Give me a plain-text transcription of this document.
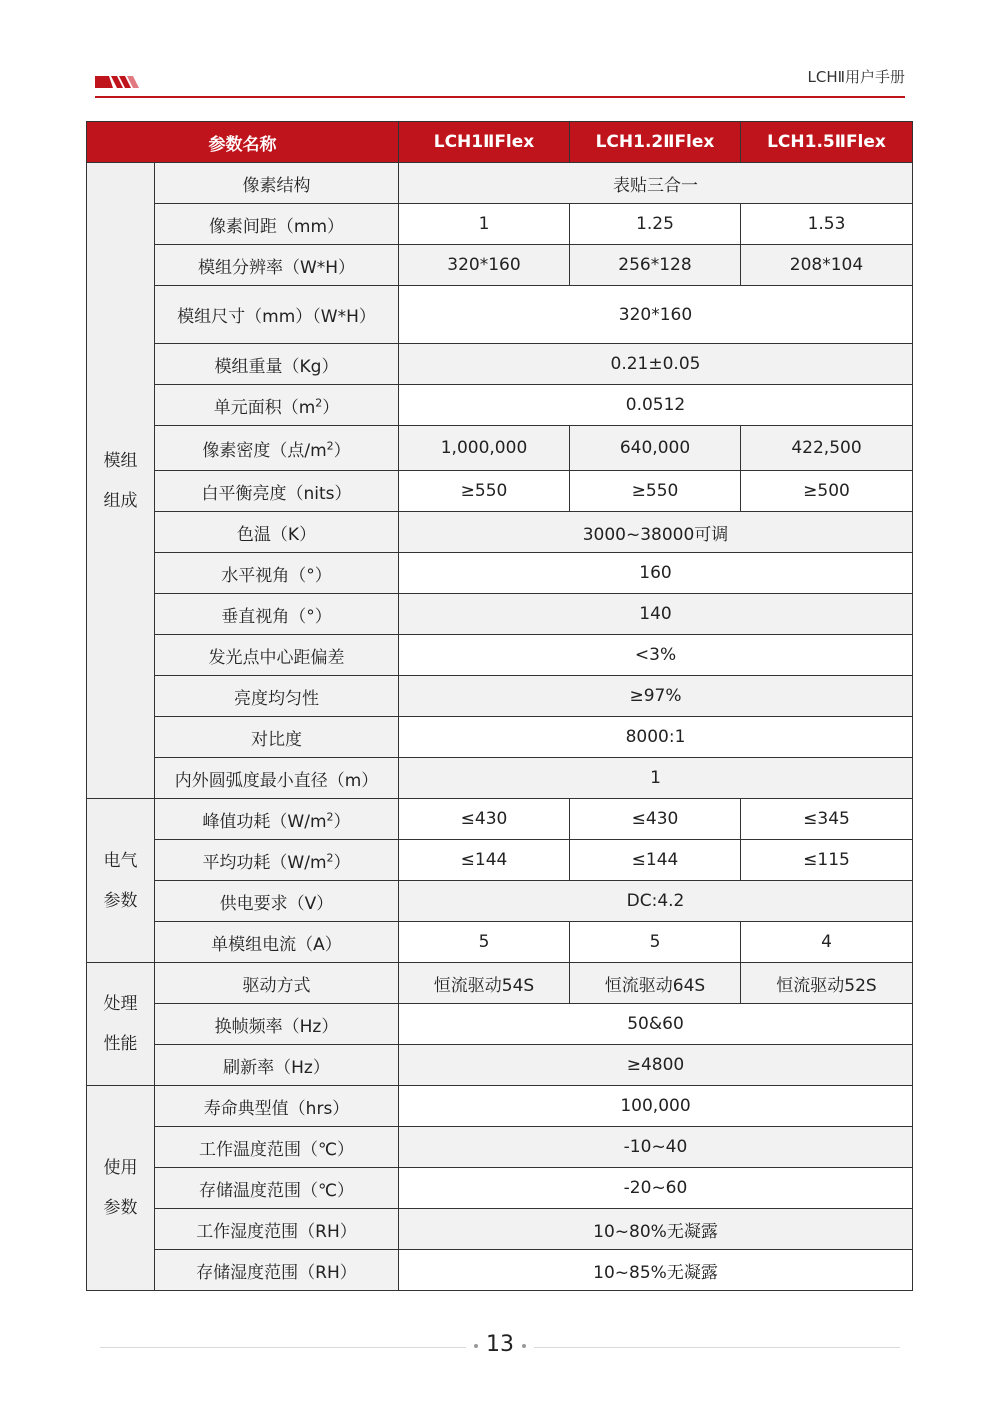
LCHⅡ用户手册
参数名称		LCH1ⅡFlex	LCH1.2ⅡFlex	LCH1.5ⅡFlex
模组
组成	像素结构	表贴三合一		
	像素间距（mm）	1	1.25	1.53
	模组分辨率（W*H）	320*160	256*128	208*104
	模组尺寸（mm）（W*H）	320*160		
	模组重量（Kg）	0.21±0.05		
	单元面积$(m^2)$	0.0512		
	像素密度（点$/m^2$）	1,000,000	640,000	422,500
	白平衡亮度（nits）	≥550	≥550	≥500
	色温（K）	3000~38000可调		
	水平视角（°）	160		
	垂直视角（°）	140		
	发光点中心距偏差	<3%		
	亮度均匀性	≥97%		
	对比度	8000:1		
	内外圆弧度最小直径（m）	1		
电气
参数	峰值功耗$(W/m^2)$	≤430	≤430	≤345
	平均功耗$(W/m^2)$	≤144	≤144	≤115
	供电要求（V）	DC:4.2		
	单模组电流（A）	5	5	4
处理
性能	驱动方式	恒流驱动54S	恒流驱动64S	恒流驱动52S
	换帧频率（Hz）	50&60		
	刷新率（Hz）	≥4800		
使用
参数	寿命典型值（hrs）	100,000		
	工作温度范围（℃）	-10~40		
	存储温度范围（℃）	-20~60		
	工作湿度范围（RH）	10~80%无凝露		
	存储湿度范围（RH）	10~85%无凝露		
13
